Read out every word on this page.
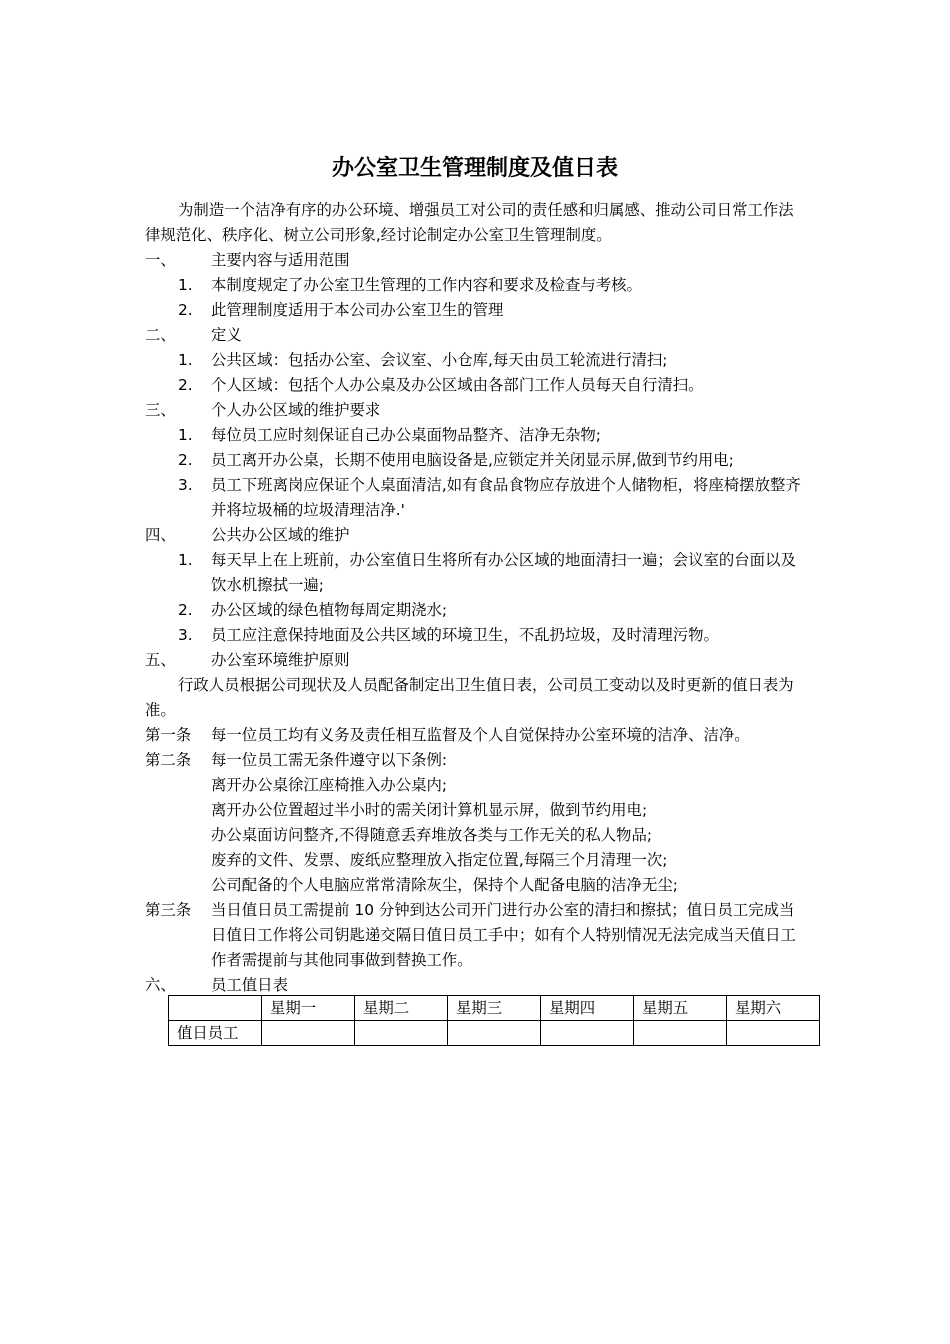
办公室卫生管理制度及值日表

为制造一个洁净有序的办公环境、增强员工对公司的责任感和归属感、推动公司日常工作法律规范化、秩序化、树立公司形象,经讨论制定办公室卫生管理制度。

一、	主要内容与适用范围
1.	本制度规定了办公室卫生管理的工作内容和要求及检查与考核。
2.	此管理制度适用于本公司办公室卫生的管理
二、	定义
1.	公共区域：包括办公室、会议室、小仓库,每天由员工轮流进行清扫;
2.	个人区域：包括个人办公桌及办公区域由各部门工作人员每天自行清扫。
三、	个人办公区域的维护要求
1.	每位员工应时刻保证自己办公桌面物品整齐、洁净无杂物;
2.	员工离开办公桌，长期不使用电脑设备是,应锁定并关闭显示屏,做到节约用电;
3.	员工下班离岗应保证个人桌面清洁,如有食品食物应存放进个人储物柜，将座椅摆放整齐并将垃圾桶的垃圾清理洁净.'
四、	公共办公区域的维护
1.	每天早上在上班前，办公室值日生将所有办公区域的地面清扫一遍；会议室的台面以及饮水机擦拭一遍;
2.	办公区域的绿色植物每周定期浇水;
3.	员工应注意保持地面及公共区域的环境卫生，不乱扔垃圾，及时清理污物。
五、	办公室环境维护原则

行政人员根据公司现状及人员配备制定出卫生值日表，公司员工变动以及时更新的值日表为准。

第一条	每一位员工均有义务及责任相互监督及个人自觉保持办公室环境的洁净、洁净。
第二条	每一位员工需无条件遵守以下条例:
离开办公桌徐江座椅推入办公桌内;
离开办公位置超过半小时的需关闭计算机显示屏，做到节约用电;
办公桌面访问整齐,不得随意丢弃堆放各类与工作无关的私人物品;
废弃的文件、发票、废纸应整理放入指定位置,每隔三个月清理一次;
公司配备的个人电脑应常常清除灰尘，保持个人配备电脑的洁净无尘;
第三条	当日值日员工需提前 10 分钟到达公司开门进行办公室的清扫和擦拭；值日员工完成当日值日工作将公司钥匙递交隔日值日员工手中；如有个人特别情况无法完成当天值日工作者需提前与其他同事做到替换工作。
六、	员工值日表
	星期一	星期二	星期三	星期四	星期五	星期六
值日员工						
